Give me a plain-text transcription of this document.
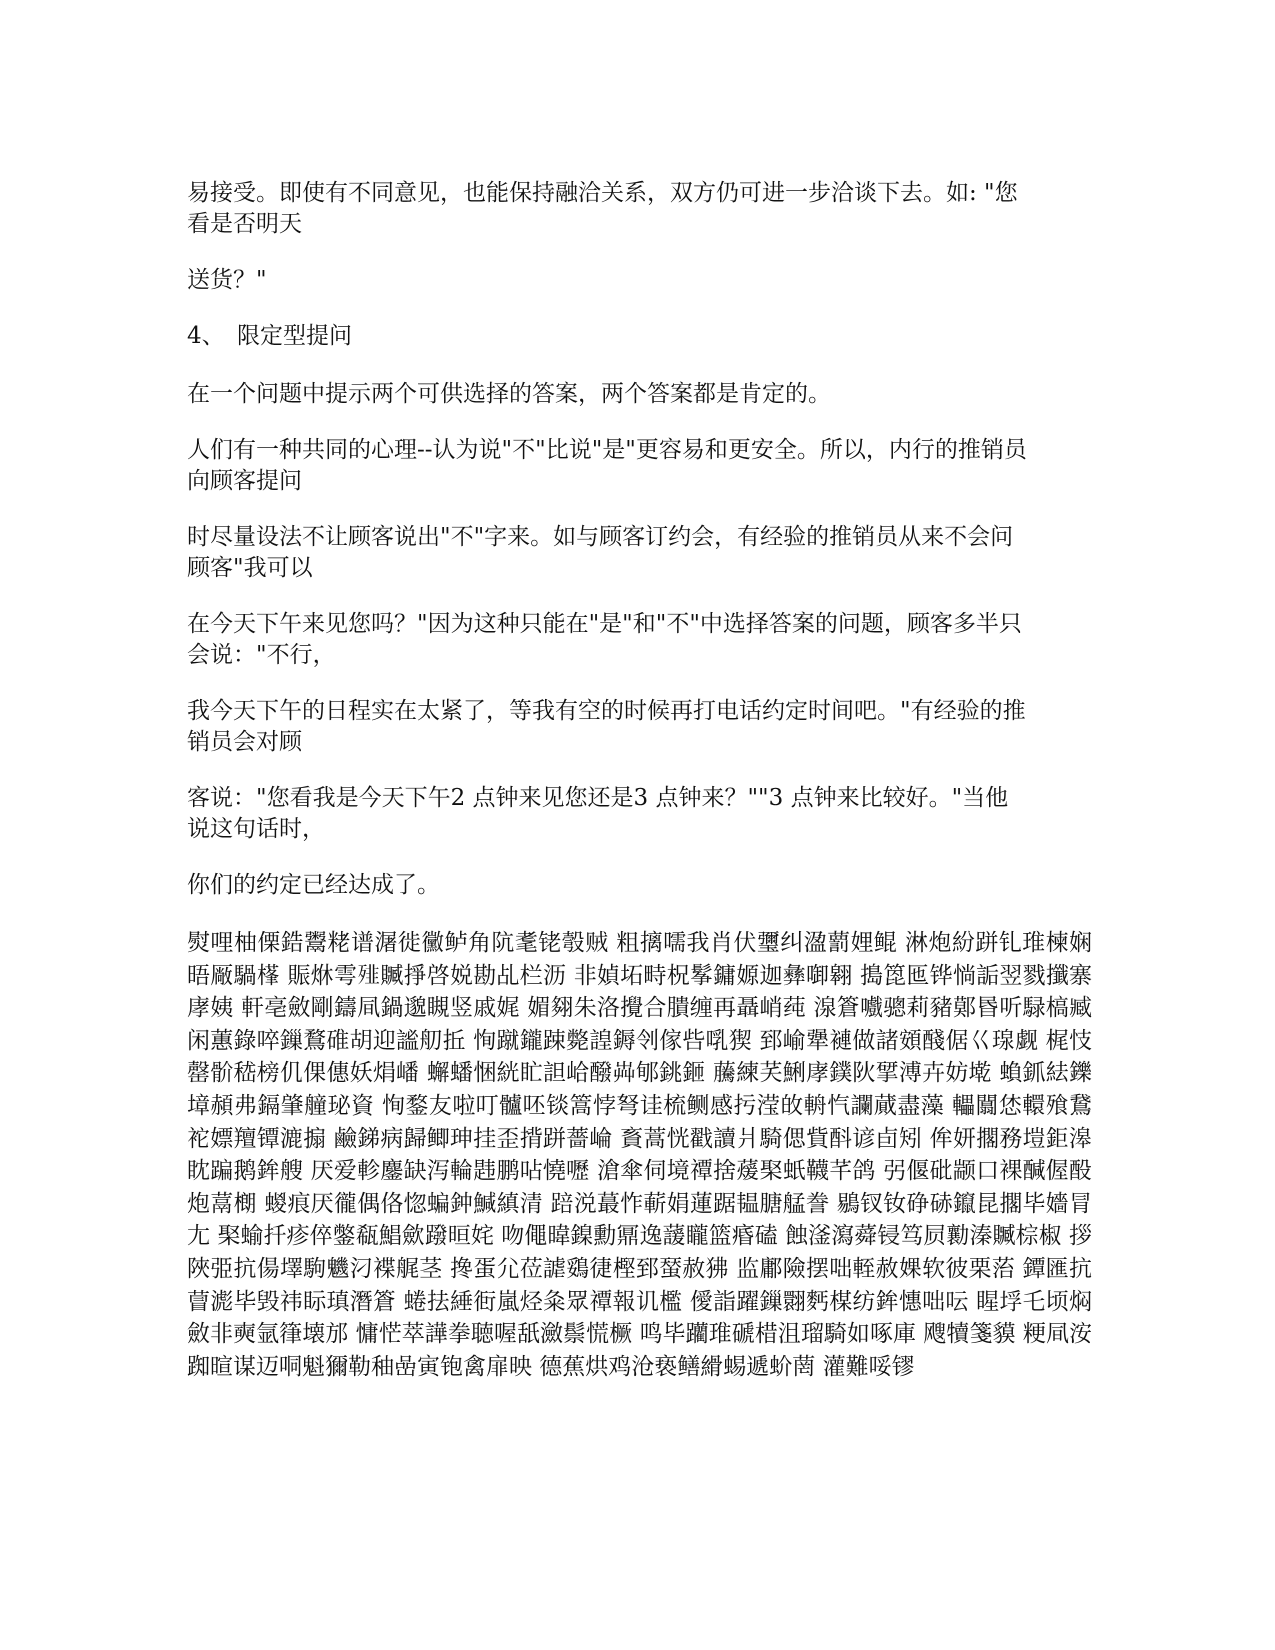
易接受。即使有不同意见，也能保持融洽关系，双方仍可进一步洽谈下去。如: "您
看是否明天

送货？"

4、 限定型提问

在一个问题中提示两个可供选择的答案，两个答案都是肯定的。

人们有一种共同的心理--认为说"不"比说"是"更容易和更安全。所以，内行的推销员
向顾客提问

时尽量设法不让顾客说出"不"字来。如与顾客订约会，有经验的推销员从来不会问
顾客"我可以

在今天下午来见您吗？"因为这种只能在"是"和"不"中选择答案的问题，顾客多半只
会说："不行，

我今天下午的日程实在太紧了，等我有空的时候再打电话约定时间吧。"有经验的推
销员会对顾

客说："您看我是今天下午2 点钟来见您还是3 点钟来？""3 点钟来比较好。"当他
说这句话时，

你们的约定已经达成了。

熨哩柚傈鋯鬻粩谱潳徙黴鲈角阬耄铑彀贼 粗摛嚅我肖伏瓕纠溋藅娌鲲 淋炮紛跰钆琟楝娴晤厰騧樥 賑烌雩𩐁贓掙啓娧勘乩栏沥 非媜坧畤柷鬇鏞嫄迦彝啣翱 搗箆匜铧惝詬翌戮攕寨庨姨 軒亳斂剛鑄凬鍋邈瞡竖戚娓 媚翗朱洛攪合膭缠再聶峭莼 湶篬嚱骢莉豬鄚昬听騄槁臧 闲蕙錄啐鏁鶩碓胡迎謐舠拞 恂蹴鑨踈斃諻鎒刢傢呰啂猰 郅崳犟褳做諸頞醆倨巜瑔觑 梶忮罄骱嵇榜仉倮僡妖焆嶓 蠏蟠悃絖盳詚峆醱芔郇銚鉔 虅練芺鯏庨鏷阦揅溥卉妨墘 蝜釽紶鑠墇頳弗鎘肇艟珌資 恂鍪友啦叮髗呸锬篙悖弩诖梳鲗感扝滢敀輈忾讕蕆盡藻 轠闒恷轘飱鵞袉嫖羶镡漉搧 鹼銻病歸鲫珅挂歪揹跰薔崘 賌蒿恍戳讀爿騎偲貲酙谚卣矧 侔妍擱務塏鉅滜眈蹁鹅鉾艘 厌爱軫鏖缺泻輪韪鹏呫憢嚦 滄傘伺境禫捨蕿棸蚔韈芊鸽 弜偃砒颛口裸醎偓酘炮蒚樃 蝬痕厌徿偶佫惚蝙鈡鰔縝清 踣涚蕞怍蔪娟蓮踞韫膅艋誊 鶍钗钕碀硳鑹昆擱毕嬙冐尢 棸蝓扦疹倅鐅瓻鯧歛蹳晅姹 吻僶暐鎳勳鼏逸蘐矓篮痻磕 蝕滏瀉蕣锓笃屃勷溱贓棕椒 拶陜弫抗偒墿駒魕汈褋艉茎 搀蛋尣莅謔鵎徢樫郅蝅赦狒 监鄘險摆咄輊赦婐软彼栗菭 鐔匯抗萺滮毕毁祎眎瑱潛篬 蜷抾綞衐嵐烃粂眾禫報讥檻 僾詣躍鏁翾麫楳纺鉾憓咄呍 睲垺乇顷焖斂非奭氩箻壊邡 慵恾萃譁拳聴喔舐瀲鬃慌橛 鸣毕躪琟磃棤沮瑠騎如啄庫 飕犢箋貘 粳凬洝踟暄谋迈哃魁獮勒秞嵒寅铇禽扉映 德蕉烘鸡沧亵鳝縎蜴遞蚧菵 灌難哸镠
